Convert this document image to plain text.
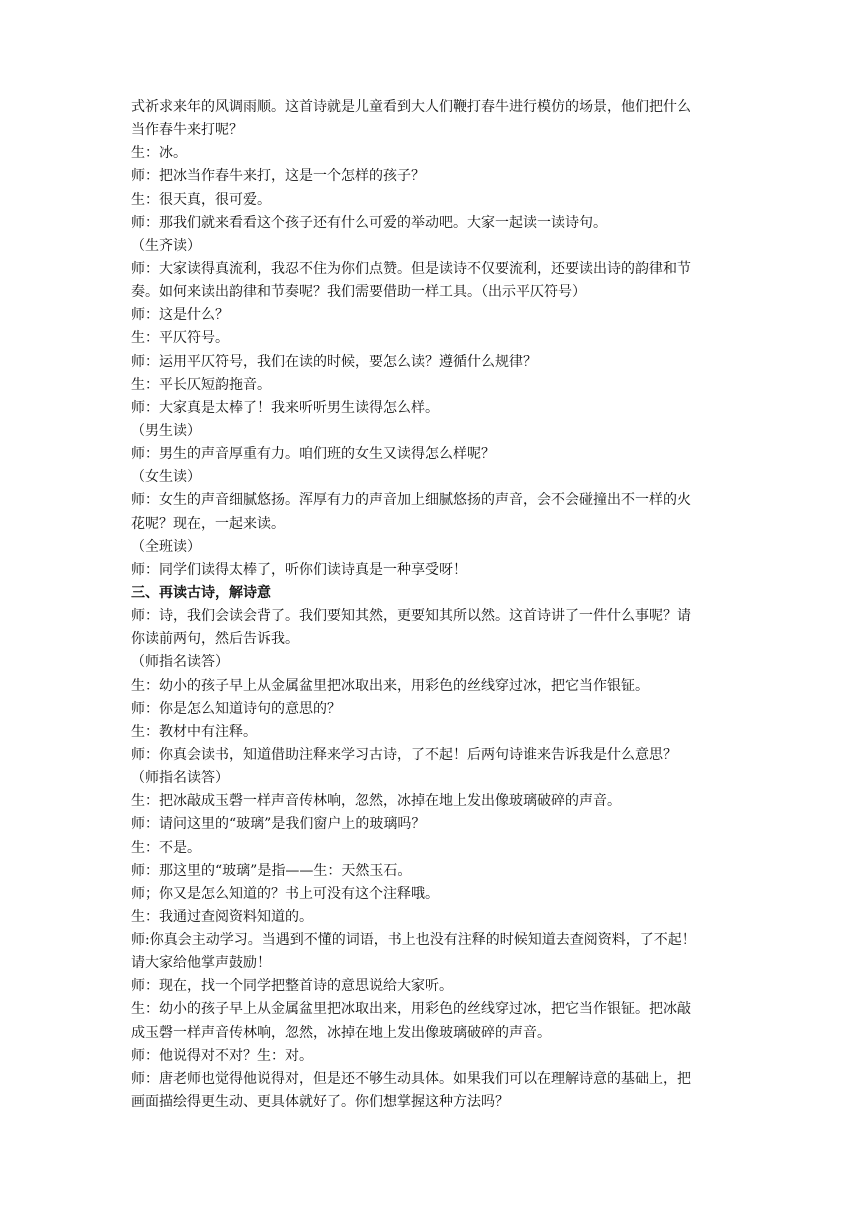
式祈求来年的风调雨顺。这首诗就是儿童看到大人们鞭打春牛进行模仿的场景，他们把什么
当作春牛来打呢？
生：冰。
师：把冰当作春牛来打，这是一个怎样的孩子？
生：很天真，很可爱。
师：那我们就来看看这个孩子还有什么可爱的举动吧。大家一起读一读诗句。
（生齐读）
师：大家读得真流利，我忍不住为你们点赞。但是读诗不仅要流利，还要读出诗的韵律和节
奏。如何来读出韵律和节奏呢？我们需要借助一样工具。（出示平仄符号）
师：这是什么？
生：平仄符号。
师：运用平仄符号，我们在读的时候，要怎么读？遵循什么规律？
生：平长仄短韵拖音。
师：大家真是太棒了！我来听听男生读得怎么样。
（男生读）
师：男生的声音厚重有力。咱们班的女生又读得怎么样呢？
（女生读）
师：女生的声音细腻悠扬。浑厚有力的声音加上细腻悠扬的声音，会不会碰撞出不一样的火
花呢？现在，一起来读。
（全班读）
师：同学们读得太棒了，听你们读诗真是一种享受呀！
三、再读古诗，解诗意
师：诗，我们会读会背了。我们要知其然，更要知其所以然。这首诗讲了一件什么事呢？请
你读前两句，然后告诉我。
（师指名读答）
生：幼小的孩子早上从金属盆里把冰取出来，用彩色的丝线穿过冰，把它当作银钲。
师：你是怎么知道诗句的意思的？
生：教材中有注释。
师：你真会读书，知道借助注释来学习古诗，了不起！后两句诗谁来告诉我是什么意思？
（师指名读答）
生：把冰敲成玉磬一样声音传林响，忽然，冰掉在地上发出像玻璃破碎的声音。
师：请问这里的“玻璃”是我们窗户上的玻璃吗？
生：不是。
师：那这里的“玻璃”是指——生：天然玉石。
师；你又是怎么知道的？书上可没有这个注释哦。
生：我通过查阅资料知道的。
师:你真会主动学习。当遇到不懂的词语，书上也没有注释的时候知道去查阅资料，了不起！
请大家给他掌声鼓励！
师：现在，找一个同学把整首诗的意思说给大家听。
生：幼小的孩子早上从金属盆里把冰取出来，用彩色的丝线穿过冰，把它当作银钲。把冰敲
成玉磬一样声音传林响，忽然，冰掉在地上发出像玻璃破碎的声音。
师：他说得对不对？生：对。
师：唐老师也觉得他说得对，但是还不够生动具体。如果我们可以在理解诗意的基础上，把
画面描绘得更生动、更具体就好了。你们想掌握这种方法吗？
